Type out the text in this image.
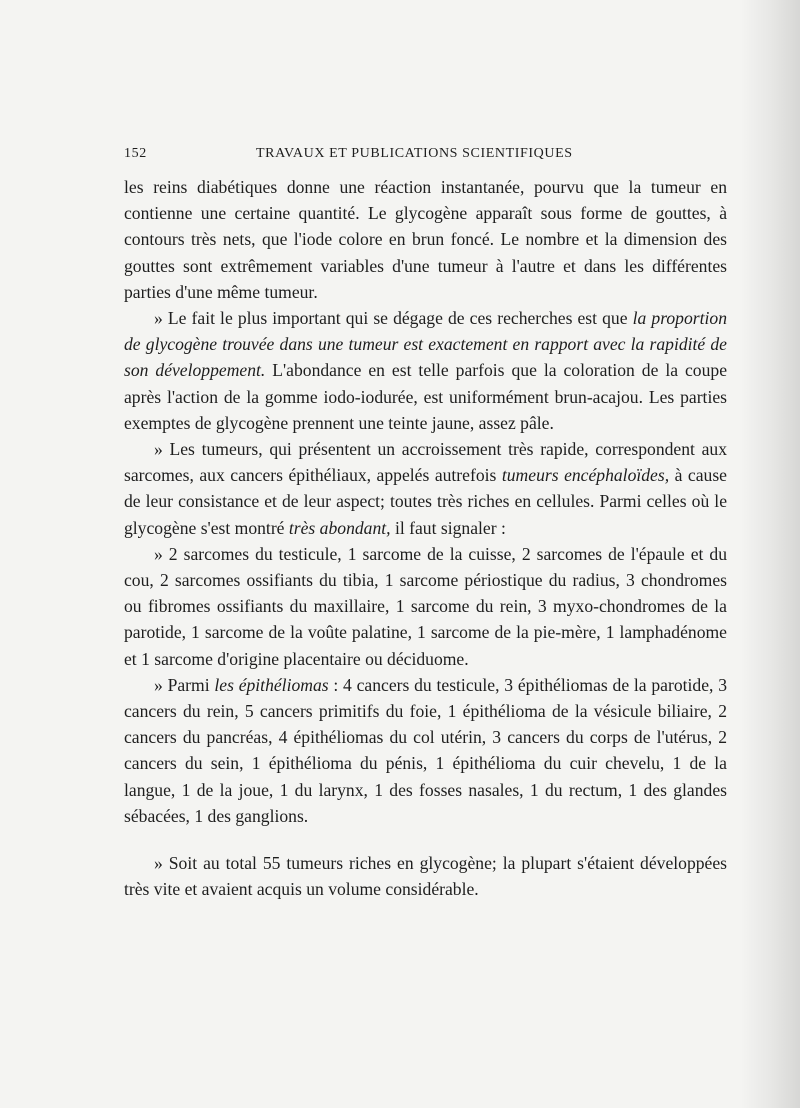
152	TRAVAUX ET PUBLICATIONS SCIENTIFIQUES

les reins diabétiques donne une réaction instantanée, pourvu que la tumeur en contienne une certaine quantité. Le glycogène apparaît sous forme de gouttes, à contours très nets, que l'iode colore en brun foncé. Le nombre et la dimension des gouttes sont extrêmement variables d'une tumeur à l'autre et dans les différentes parties d'une même tumeur.

» Le fait le plus important qui se dégage de ces recherches est que la proportion de glycogène trouvée dans une tumeur est exactement en rapport avec la rapidité de son développement. L'abondance en est telle parfois que la coloration de la coupe après l'action de la gomme iodo-iodurée, est uniformément brun-acajou. Les parties exemptes de glycogène prennent une teinte jaune, assez pâle.

» Les tumeurs, qui présentent un accroissement très rapide, correspondent aux sarcomes, aux cancers épithéliaux, appelés autrefois tumeurs encéphaloïdes, à cause de leur consistance et de leur aspect; toutes très riches en cellules. Parmi celles où le glycogène s'est montré très abondant, il faut signaler :

» 2 sarcomes du testicule, 1 sarcome de la cuisse, 2 sarcomes de l'épaule et du cou, 2 sarcomes ossifiants du tibia, 1 sarcome périostique du radius, 3 chondromes ou fibromes ossifiants du maxillaire, 1 sarcome du rein, 3 myxo-chondromes de la parotide, 1 sarcome de la voûte palatine, 1 sarcome de la pie-mère, 1 lamphadénome et 1 sarcome d'origine placentaire ou déciduome.

» Parmi les épithéliomas : 4 cancers du testicule, 3 épithéliomas de la parotide, 3 cancers du rein, 5 cancers primitifs du foie, 1 épithélioma de la vésicule biliaire, 2 cancers du pancréas, 4 épithéliomas du col utérin, 3 cancers du corps de l'utérus, 2 cancers du sein, 1 épithélioma du pénis, 1 épithélioma du cuir chevelu, 1 de la langue, 1 de la joue, 1 du larynx, 1 des fosses nasales, 1 du rectum, 1 des glandes sébacées, 1 des ganglions.

» Soit au total 55 tumeurs riches en glycogène; la plupart s'étaient développées très vite et avaient acquis un volume considérable.
